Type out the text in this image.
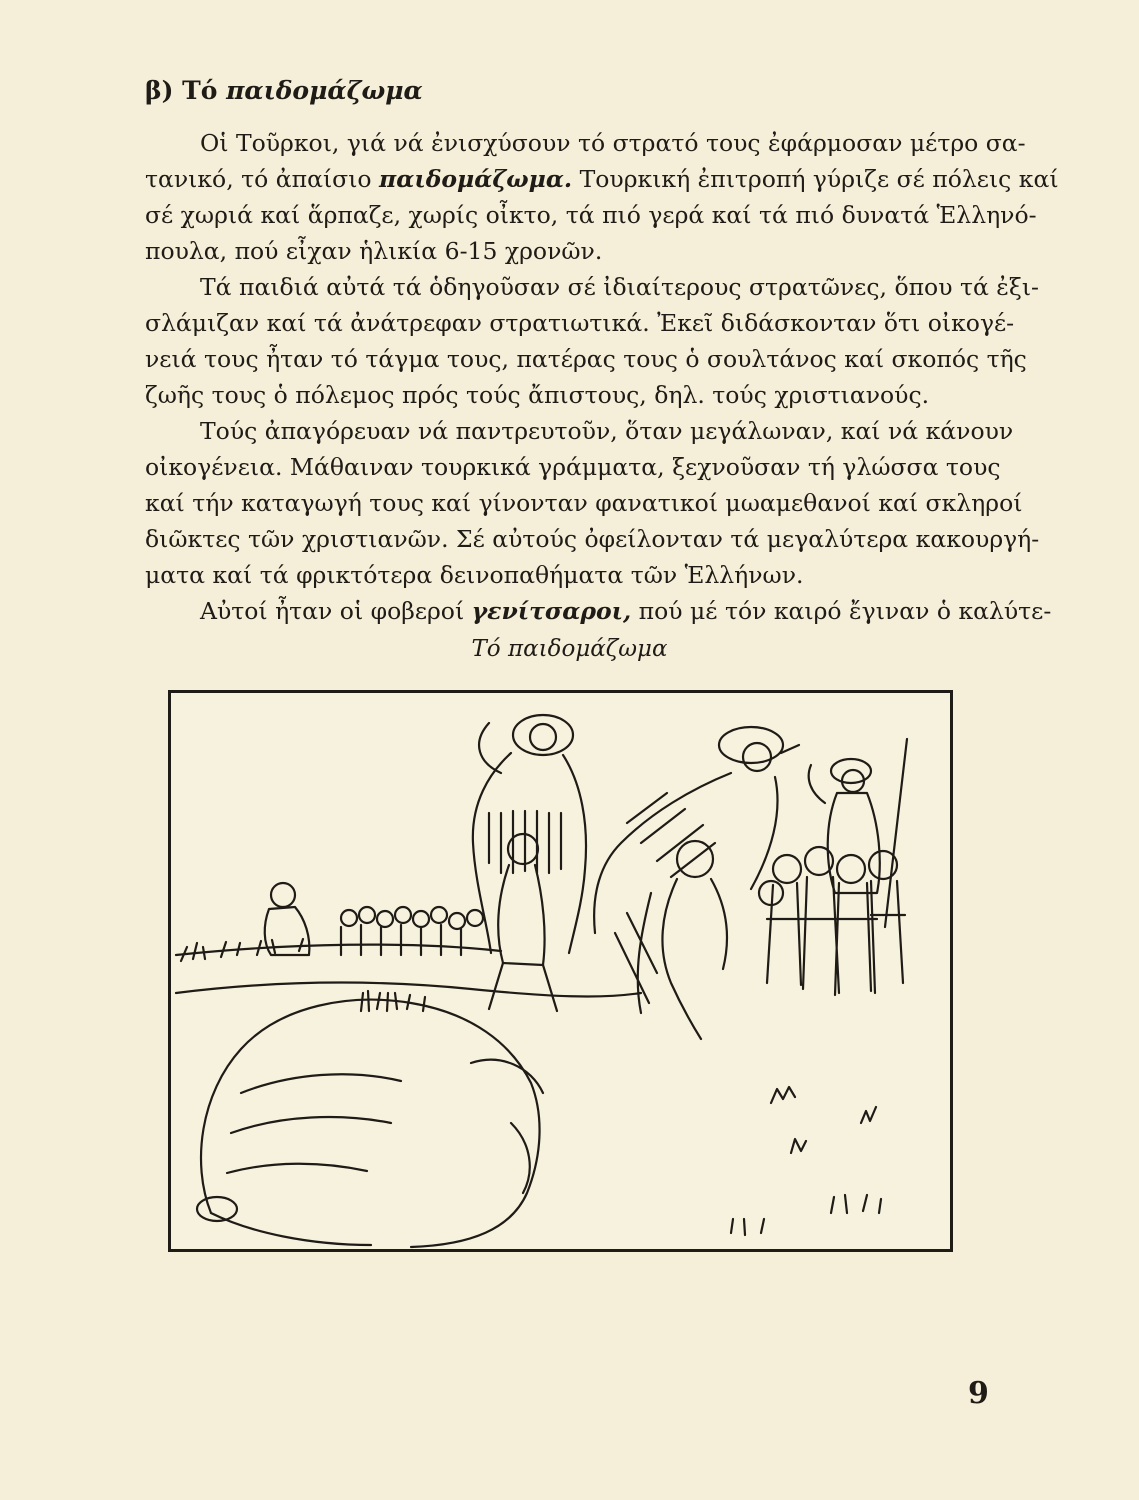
β) Τό παιδομάζωμα
Οἱ Τοῦρκοι, γιά νά ἐνισχύσουν τό στρατό τους ἐφάρμοσαν μέτρο σα-
τανικό, τό ἀπαίσιο παιδομάζωμα. Τουρκική ἐπιτροπή γύριζε σέ πόλεις καί
σέ χωριά καί ἅρπαζε, χωρίς οἶκτο, τά πιό γερά καί τά πιό δυνατά Ἑλληνό-
πουλα, πού εἶχαν ἡλικία 6-15 χρονῶν.
Τά παιδιά αὐτά τά ὁδηγοῦσαν σέ ἰδιαίτερους στρατῶνες, ὅπου τά ἐξι-
σλάμιζαν καί τά ἀνάτρεφαν στρατιωτικά. Ἐκεῖ διδάσκονταν ὅτι οἰκογέ-
νειά τους ἦταν τό τάγμα τους, πατέρας τους ὁ σουλτάνος καί σκοπός τῆς
ζωῆς τους ὁ πόλεμος πρός τούς ἄπιστους, δηλ. τούς χριστιανούς.
Τούς ἀπαγόρευαν νά παντρευτοῦν, ὅταν μεγάλωναν, καί νά κάνουν
οἰκογένεια. Μάθαιναν τουρκικά γράμματα, ξεχνοῦσαν τή γλώσσα τους
καί τήν καταγωγή τους καί γίνονταν φανατικοί μωαμεθανοί καί σκληροί
διῶκτες τῶν χριστιανῶν. Σέ αὐτούς ὀφείλονταν τά μεγαλύτερα κακουργή-
ματα καί τά φρικτότερα δεινοπαθήματα τῶν Ἑλλήνων.
Αὐτοί ἦταν οἱ φοβεροί γενίτσαροι, πού μέ τόν καιρό ἔγιναν ὁ καλύτε-
Τό παιδομάζωμα
9
